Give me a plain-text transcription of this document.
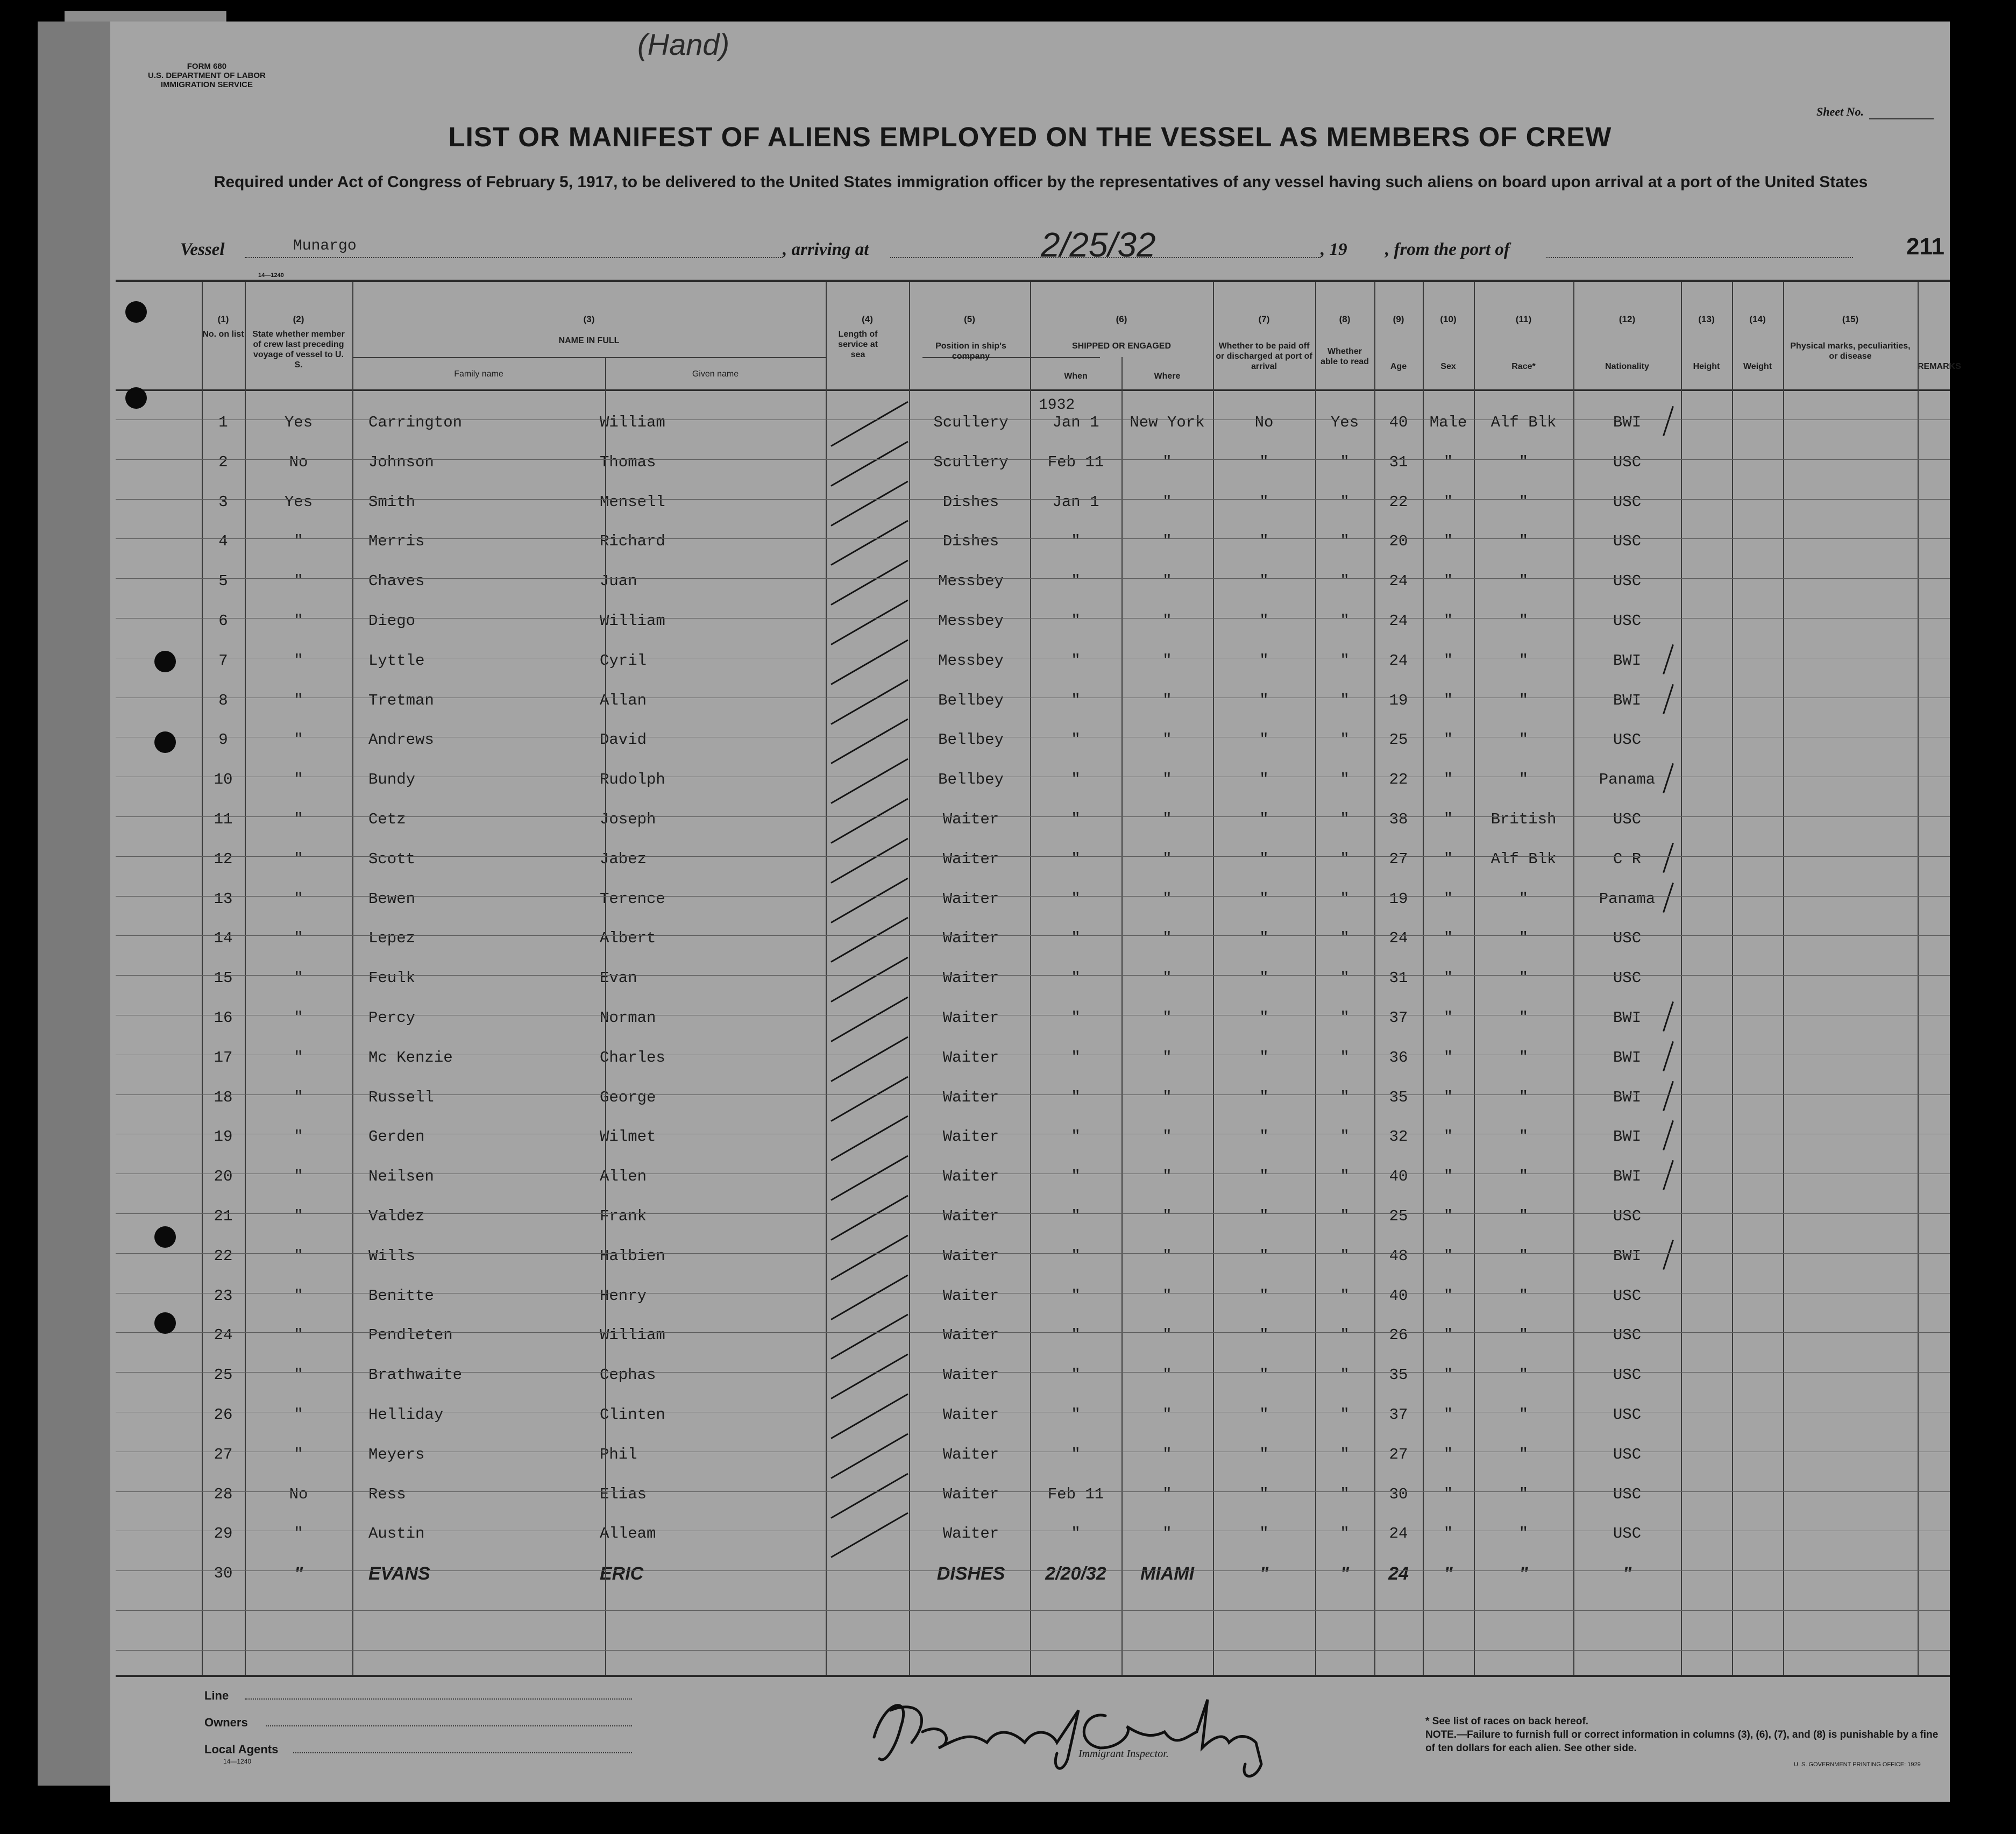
(Hand)
FORM 680
U.S. DEPARTMENT OF LABOR
IMMIGRATION SERVICE
Sheet No.
LIST OR MANIFEST OF ALIENS EMPLOYED ON THE VESSEL AS MEMBERS OF CREW
Required under Act of Congress of February 5, 1917, to be delivered to the United States immigration officer by the representatives of any vessel having such aliens on board upon arrival at a port of the United States
Vessel	Munargo	, arriving at	2/25/32	, 19 , from the port of	211
14—1240
(1)
No. on list
(2)
State whether member of crew last preceding voyage of vessel to U. S.
(3)
NAME IN FULL
Family name	Given name
(4)
Length of service at sea
(5)
Position in ship's company
(6)
SHIPPED OR ENGAGED
When	Where
(7)
Whether to be paid off or discharged at port of arrival
(8)
Whether able to read
(9)
Age
(10)
Sex
(11)
Race*
(12)
Nationality
(13)
Height
(14)
Weight
(15)
Physical marks, peculiarities, or disease
REMARKS
1932
1	Yes	Carrington	William	Scullery	Jan 1	New York	No	Yes	40	Male	Alf Blk	BWI
2	No	Johnson	Thomas	Scullery	Feb 11	"	"	"	31	"	"	USC
3	Yes	Smith	Mensell	Dishes	Jan 1	"	"	"	22	"	"	USC
4	"	Merris	Richard	Dishes	"	"	"	"	20	"	"	USC
5	"	Chaves	Juan	Messbey	"	"	"	"	24	"	"	USC
6	"	Diego	William	Messbey	"	"	"	"	24	"	"	USC
7	"	Lyttle	Cyril	Messbey	"	"	"	"	24	"	"	BWI
8	"	Tretman	Allan	Bellbey	"	"	"	"	19	"	"	BWI
9	"	Andrews	David	Bellbey	"	"	"	"	25	"	"	USC
10	"	Bundy	Rudolph	Bellbey	"	"	"	"	22	"	"	Panama
11	"	Cetz	Joseph	Waiter	"	"	"	"	38	"	British	USC
12	"	Scott	Jabez	Waiter	"	"	"	"	27	"	Alf Blk	C R
13	"	Bewen	Terence	Waiter	"	"	"	"	19	"	"	Panama
14	"	Lepez	Albert	Waiter	"	"	"	"	24	"	"	USC
15	"	Feulk	Evan	Waiter	"	"	"	"	31	"	"	USC
16	"	Percy	Norman	Waiter	"	"	"	"	37	"	"	BWI
17	"	Mc Kenzie	Charles	Waiter	"	"	"	"	36	"	"	BWI
18	"	Russell	George	Waiter	"	"	"	"	35	"	"	BWI
19	"	Gerden	Wilmet	Waiter	"	"	"	"	32	"	"	BWI
20	"	Neilsen	Allen	Waiter	"	"	"	"	40	"	"	BWI
21	"	Valdez	Frank	Waiter	"	"	"	"	25	"	"	USC
22	"	Wills	Halbien	Waiter	"	"	"	"	48	"	"	BWI
23	"	Benitte	Henry	Waiter	"	"	"	"	40	"	"	USC
24	"	Pendleten	William	Waiter	"	"	"	"	26	"	"	USC
25	"	Brathwaite	Cephas	Waiter	"	"	"	"	35	"	"	USC
26	"	Helliday	Clinten	Waiter	"	"	"	"	37	"	"	USC
27	"	Meyers	Phil	Waiter	"	"	"	"	27	"	"	USC
28	No	Ress	Elias	Waiter	Feb 11	"	"	"	30	"	"	USC
29	"	Austin	Alleam	Waiter	"	"	"	"	24	"	"	USC
30	"	EVANS	ERIC	DISHES	2/20/32	MIAMI	"	"	24	"	"	"
Line
Owners
Local Agents
14—1240
Immigrant Inspector.
* See list of races on back hereof.
NOTE.—Failure to furnish full or correct information in columns (3), (6), (7), and (8) is punishable by a fine of ten dollars for each alien. See other side.
U. S. GOVERNMENT PRINTING OFFICE: 1929
